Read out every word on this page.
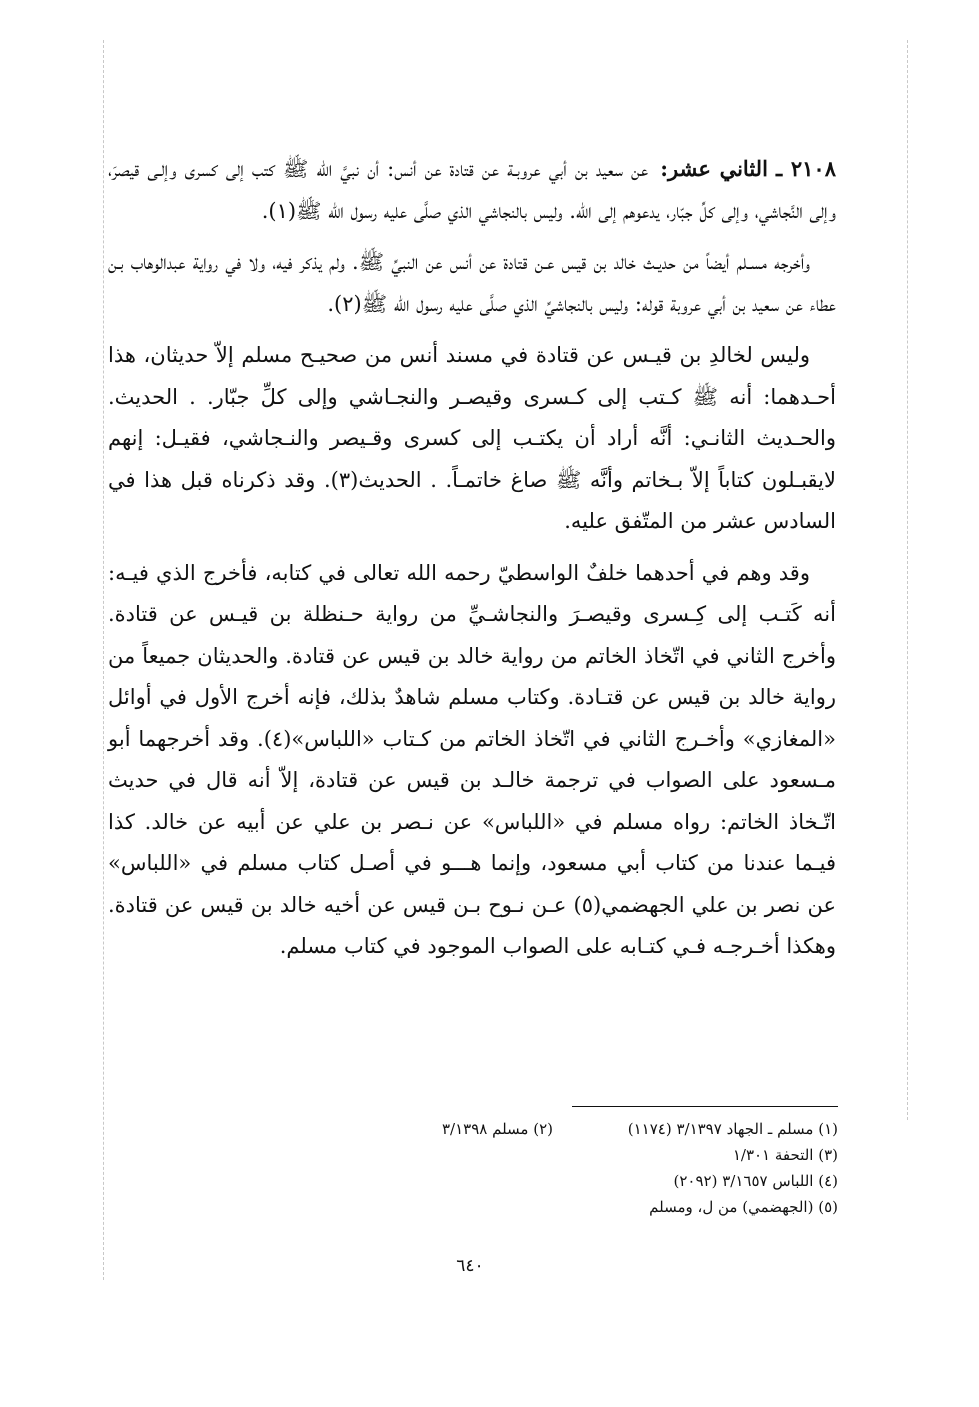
٢١٠٨ ـ الثاني عشر: عن سعيد بن أبي عروبـة عن قتادة عن أنس: أن نبيَّ الله ﷺ كتب إلى كسرى وإلـى قيصرَ، وإلى النَّجاشي، وإلى كلِّ جبّار، يدعوهم إلى الله. وليس بالنجاشي الذي صلَّى عليه رسول الله ﷺ(١).

وأخرجه مسـلم أيضاً من حديـث خالد بن قيس عـن قتادة عن أنس عن النبيِّ ﷺ. ولم يذكر فيه، ولا في رواية عبدالوهاب بـن عطاء عن سعيد بن أبي عروبة قوله: وليس بالنجاشيِّ الذي صلَّى عليه رسول الله ﷺ(٢).

وليس لخالدِ بن قيـس عن قتادة في مسند أنس من صحيـح مسلم إلاّ حديثان، هذا أحـدهما: أنه ﷺ كـتب إلى كـسرى وقيصـر والنجـاشي وإلى كلِّ جبّار. . الحديث. والحـديث الثانـي: أنَّه أراد أن يكتـب إلى كسرى وقـيصر والنـجاشي، فقيـل: إنهم لايقبـلون كتاباً إلاّ بـخاتم وأنَّه ﷺ صاغ خاتمـاً. . الحديث(٣). وقد ذكرناه قبل هذا في السادس عشر من المتّفق عليه.

وقد وهم في أحدهما خلفٌ الواسطيّ رحمه الله تعالى في كتابه، فأخرج الذي فيـه: أنه كَتـب إلى كِـسرى وقيصـرَ والنجاشـيِّ من رواية حـنظلة بن قيـس عن قتادة. وأخرج الثاني في اتّخاذ الخاتم من رواية خالد بن قيس عن قتادة. والحديثان جميعاً من رواية خالد بن قيس عن قتـادة. وكتاب مسلم شاهدٌ بذلك، فإنه أخرج الأول في أوائل «المغازي» وأخـرج الثاني في اتّخاذ الخاتم من كـتاب «اللباس»(٤). وقد أخرجهما أبو مـسعود على الصواب في ترجمة خالـد بن قيس عن قتادة، إلاّ أنه قال في حديث اتّـخاذ الخاتم: رواه مسلم في «اللباس» عن نـصر بن علي عن أبيه عن خالد. كذا فيـما عندنا من كتاب أبي مسعود، وإنما هـــو في أصـل كتاب مسلم في «اللباس» عن نصر بن علي الجهضمي(٥) عـن نـوح بـن قيس عن أخيه خالد بن قيس عن قتادة. وهكذا أخـرجـه فـي كتـابه على الصواب الموجود في كتاب مسلم.

(١) مسلم ـ الجهاد ٣/١٣٩٧ (١١٧٤)
(٢) مسلم ٣/١٣٩٨
(٣) التحفة ١/٣٠١
(٤) اللباس ٣/١٦٥٧ (٢٠٩٢)
(٥) (الجهضمي) من ل، ومسلم
٦٤٠
